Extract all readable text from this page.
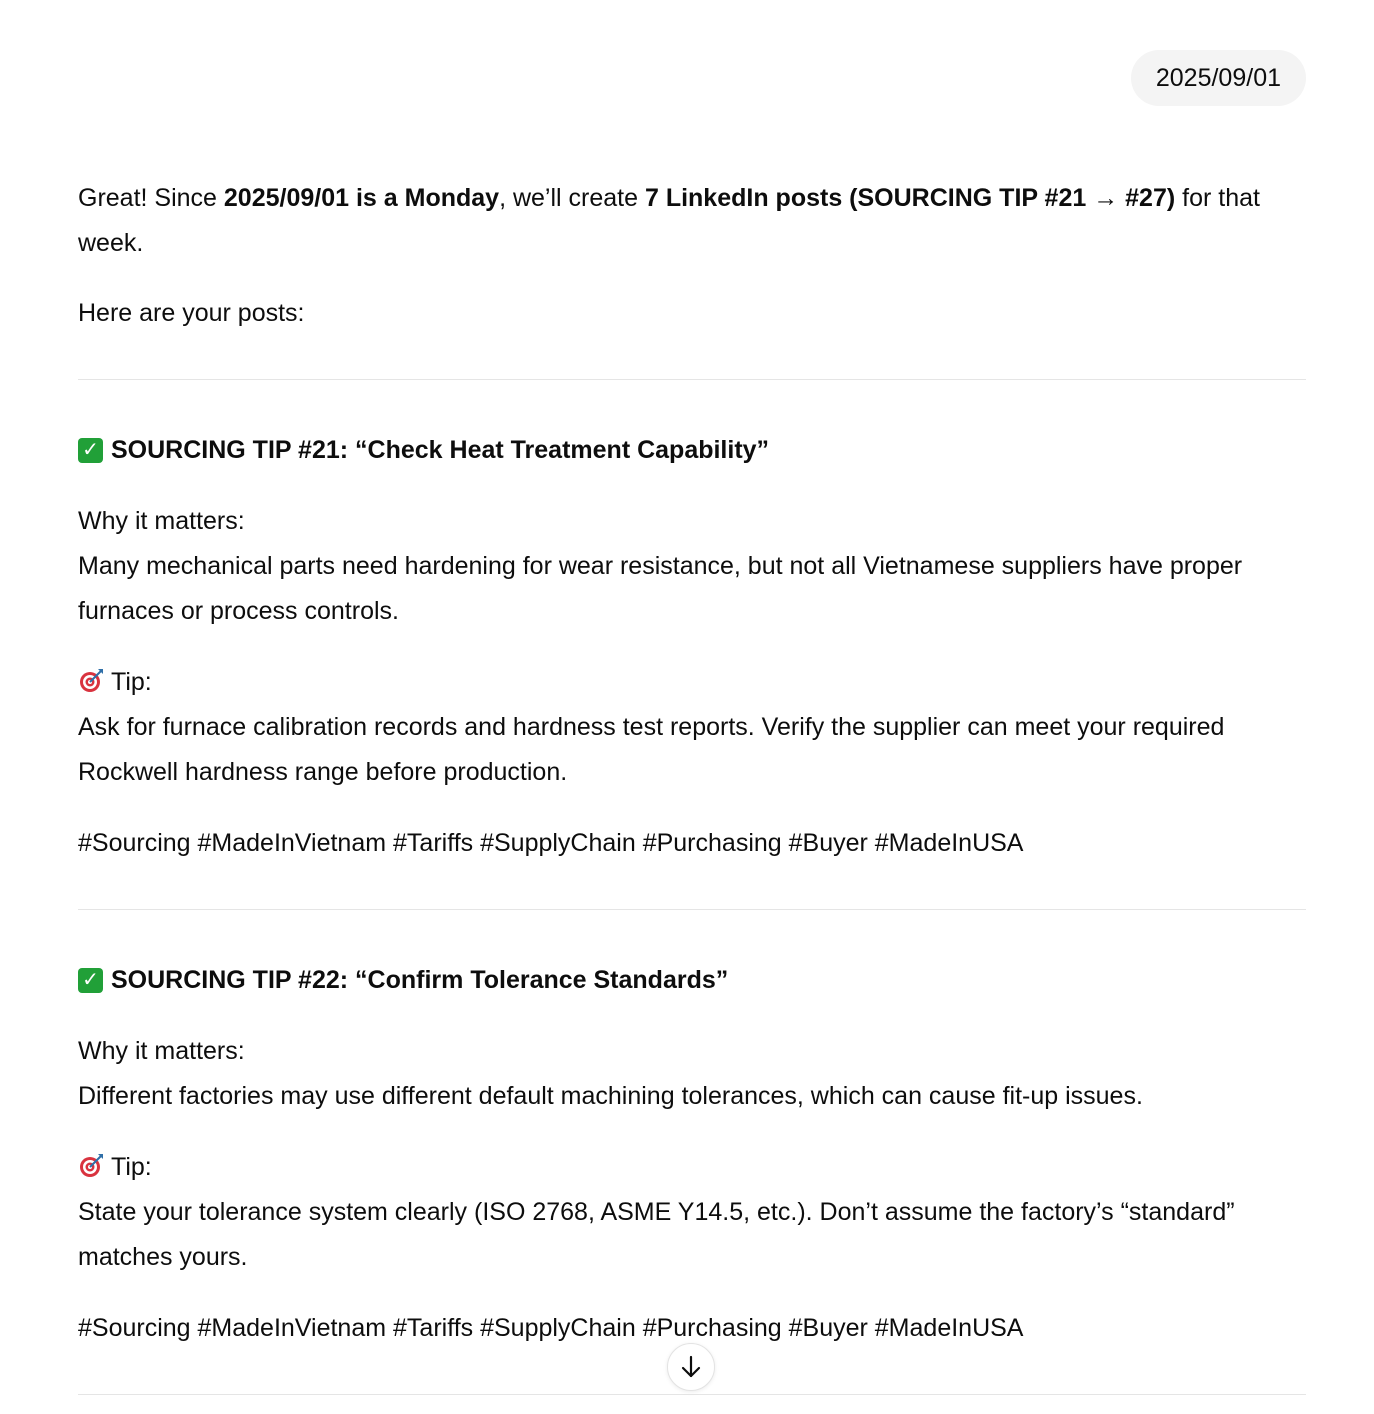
2025/09/01

Great! Since 2025/09/01 is a Monday, we’ll create 7 LinkedIn posts (SOURCING TIP #21 → #27) for that week.

Here are your posts:

✓ SOURCING TIP #21: “Check Heat Treatment Capability”

Why it matters:

Many mechanical parts need hardening for wear resistance, but not all Vietnamese suppliers have proper furnaces or process controls.

Tip:

Ask for furnace calibration records and hardness test reports. Verify the supplier can meet your required Rockwell hardness range before production.

#Sourcing #MadeInVietnam #Tariffs #SupplyChain #Purchasing #Buyer #MadeInUSA

✓ SOURCING TIP #22: “Confirm Tolerance Standards”

Why it matters:

Different factories may use different default machining tolerances, which can cause fit-up issues.

Tip:

State your tolerance system clearly (ISO 2768, ASME Y14.5, etc.). Don’t assume the factory’s “standard” matches yours.

#Sourcing #MadeInVietnam #Tariffs #SupplyChain #Purchasing #Buyer #MadeInUSA
